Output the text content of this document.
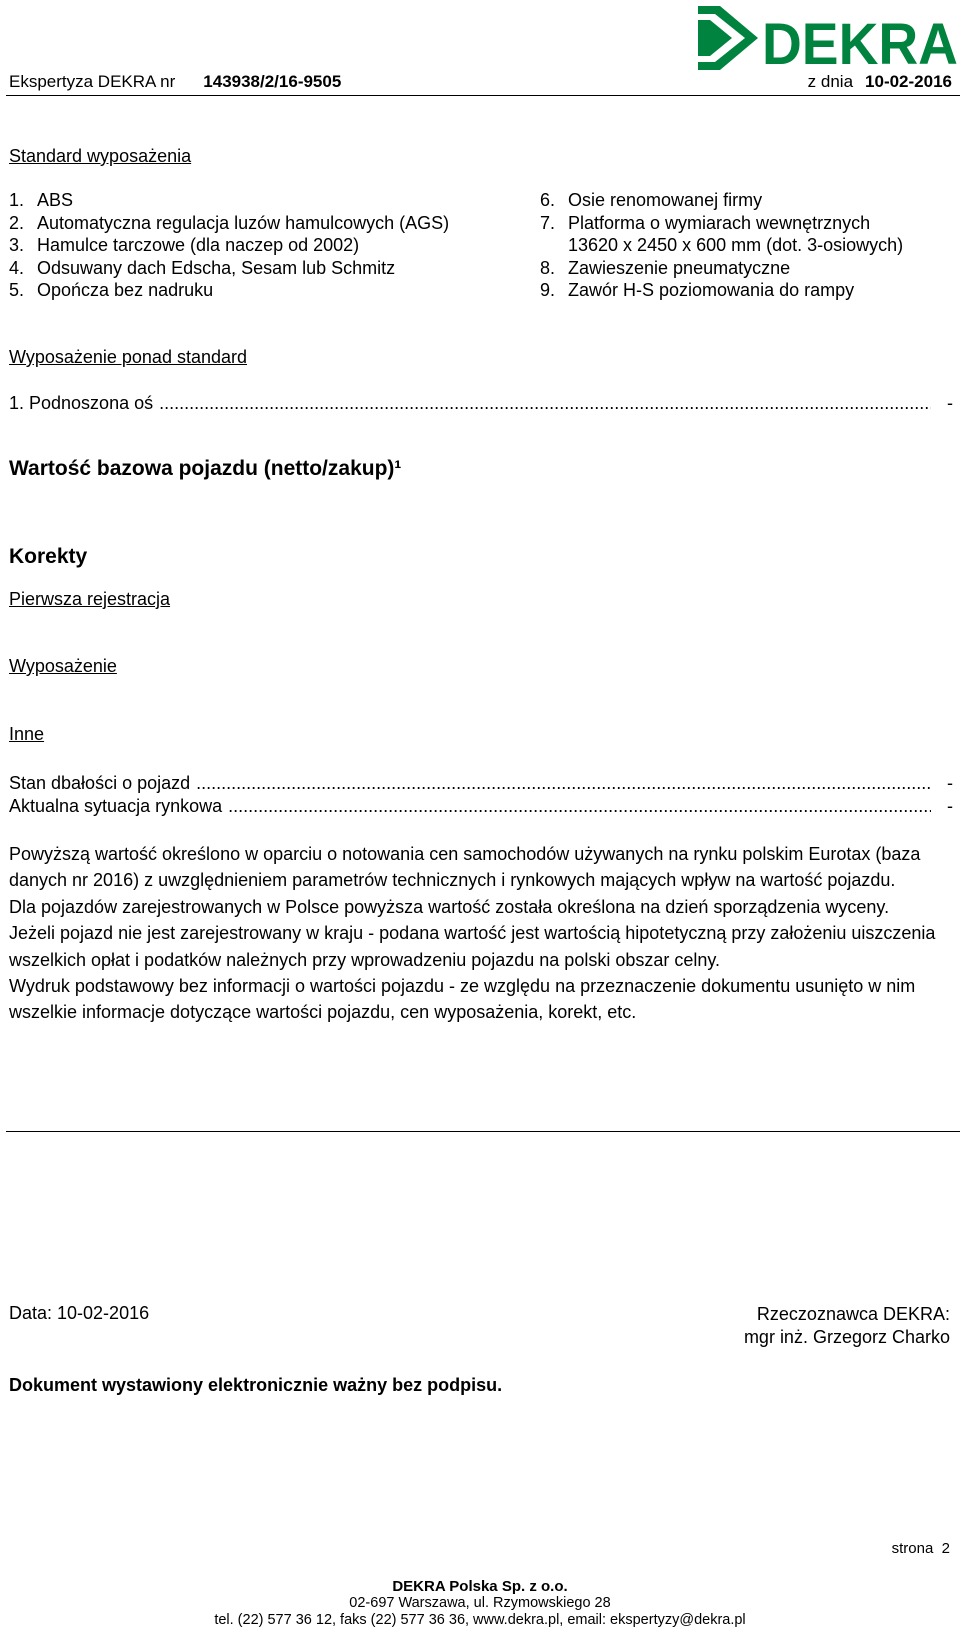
DEKRA
Ekspertyza DEKRA nr 143938/2/16-9505	z dnia 10-02-2016
Standard wyposażenia
1. ABS
2. Automatyczna regulacja luzów hamulcowych (AGS)

3. Hamulce tarczowe (dla naczep od 2002)
4. Odsuwany dach Edscha, Sesam lub Schmitz
5. Opończa bez nadruku
6. Osie renomowanej firmy
7. Platforma o wymiarach wewnętrznych
13620 x 2450 x 600 mm (dot. 3-osiowych)
8. Zawieszenie pneumatyczne
9. Zawór H-S poziomowania do rampy
Wyposażenie ponad standard
1. Podnoszona oś .....	-
Wartość bazowa pojazdu (netto/zakup)¹
Korekty
Pierwsza rejestracja
Wyposażenie
Inne
Stan dbałości o pojazd .....	-
Aktualna sytuacja rynkowa .....	-

Powyższą wartość określono w oparciu o notowania cen samochodów używanych na rynku polskim Eurotax (baza danych nr 2016) z uwzględnieniem parametrów technicznych i rynkowych mających wpływ na wartość pojazdu.

Dla pojazdów zarejestrowanych w Polsce powyższa wartość została określona na dzień sporządzenia wyceny.

Jeżeli pojazd nie jest zarejestrowany w kraju - podana wartość jest wartością hipotetyczną przy założeniu uiszczenia wszelkich opłat i podatków należnych przy wprowadzeniu pojazdu na polski obszar celny.

Wydruk podstawowy bez informacji o wartości pojazdu - ze względu na przeznaczenie dokumentu usunięto w nim wszelkie informacje dotyczące wartości pojazdu, cen wyposażenia, korekt, etc.

Data: 10-02-2016	Rzeczoznawca DEKRA:
mgr inż. Grzegorz Charko
Dokument wystawiony elektronicznie ważny bez podpisu.
strona 2
DEKRA Polska Sp. z o.o.
02-697 Warszawa, ul. Rzymowskiego 28
tel. (22) 577 36 12, faks (22) 577 36 36, www.dekra.pl, email: ekspertyzy@dekra.pl
